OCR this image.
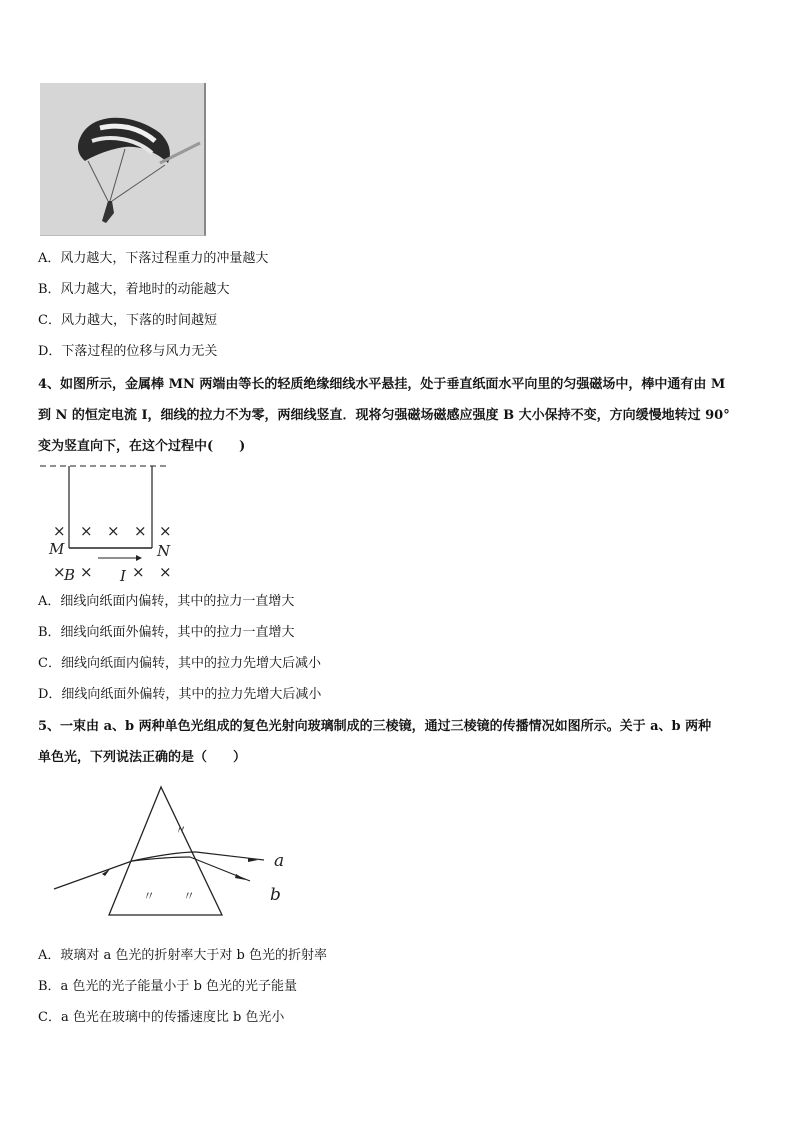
A．风力越大，下落过程重力的冲量越大
B．风力越大，着地时的动能越大
C．风力越大，下落的时间越短
D．下落过程的位移与风力无关
4、如图所示，金属棒 MN 两端由等长的轻质绝缘细线水平悬挂，处于垂直纸面水平向里的匀强磁场中，棒中通有由 M
到 N 的恒定电流 I，细线的拉力不为零，两细线竖直．现将匀强磁场磁感应强度 B 大小保持不变，方向缓慢地转过 90°
变为竖直向下，在这个过程中(　　)
× × × × ×
× ×	× ×
M	N
B	I
A．细线向纸面内偏转，其中的拉力一直增大
B．细线向纸面外偏转，其中的拉力一直增大
C．细线向纸面内偏转，其中的拉力先增大后减小
D．细线向纸面外偏转，其中的拉力先增大后减小
5、一束由 a、b 两种单色光组成的复色光射向玻璃制成的三棱镜，通过三棱镜的传播情况如图所示。关于 a、b 两种
单色光，下列说法正确的是（　　）
a
b
〃
〃 〃
A．玻璃对 a 色光的折射率大于对 b 色光的折射率
B．a 色光的光子能量小于 b 色光的光子能量
C．a 色光在玻璃中的传播速度比 b 色光小
